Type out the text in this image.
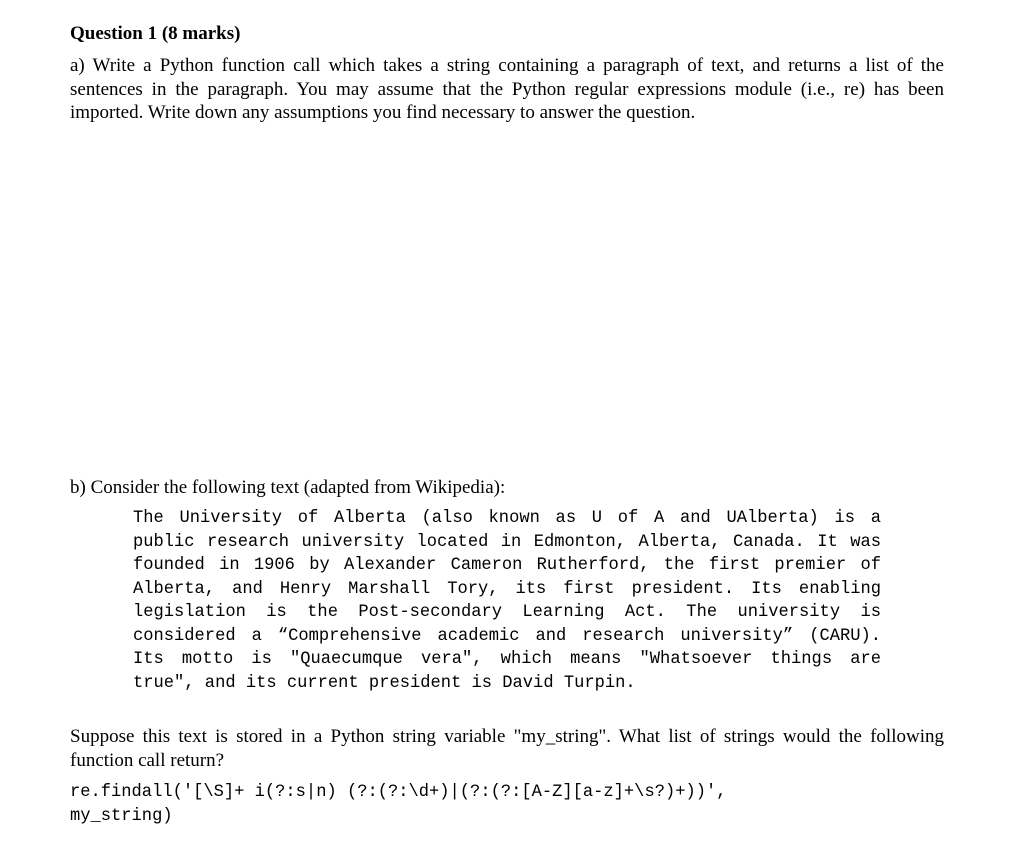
Question 1 (8 marks)

a) Write a Python function call which takes a string containing a paragraph of text, and returns a list of the sentences in the paragraph. You may assume that the Python regular expressions module (i.e., re) has been imported. Write down any assumptions you find necessary to answer the question.

b) Consider the following text (adapted from Wikipedia):

The University of Alberta (also known as U of A and UAlberta) is a public research university located in Edmonton, Alberta, Canada. It was founded in 1906 by Alexander Cameron Rutherford, the first premier of Alberta, and Henry Marshall Tory, its first president. Its enabling legislation is the Post-secondary Learning Act. The university is considered a “Comprehensive academic and research university” (CARU). Its motto is "Quaecumque vera", which means "Whatsoever things are true", and its current president is David Turpin.

Suppose this text is stored in a Python string variable "my_string". What list of strings would the following function call return?

re.findall('[\S]+ i(?:s|n) (?:(?:\d+)|(?:(?:[A-Z][a-z]+\s?)+))',
my_string)
